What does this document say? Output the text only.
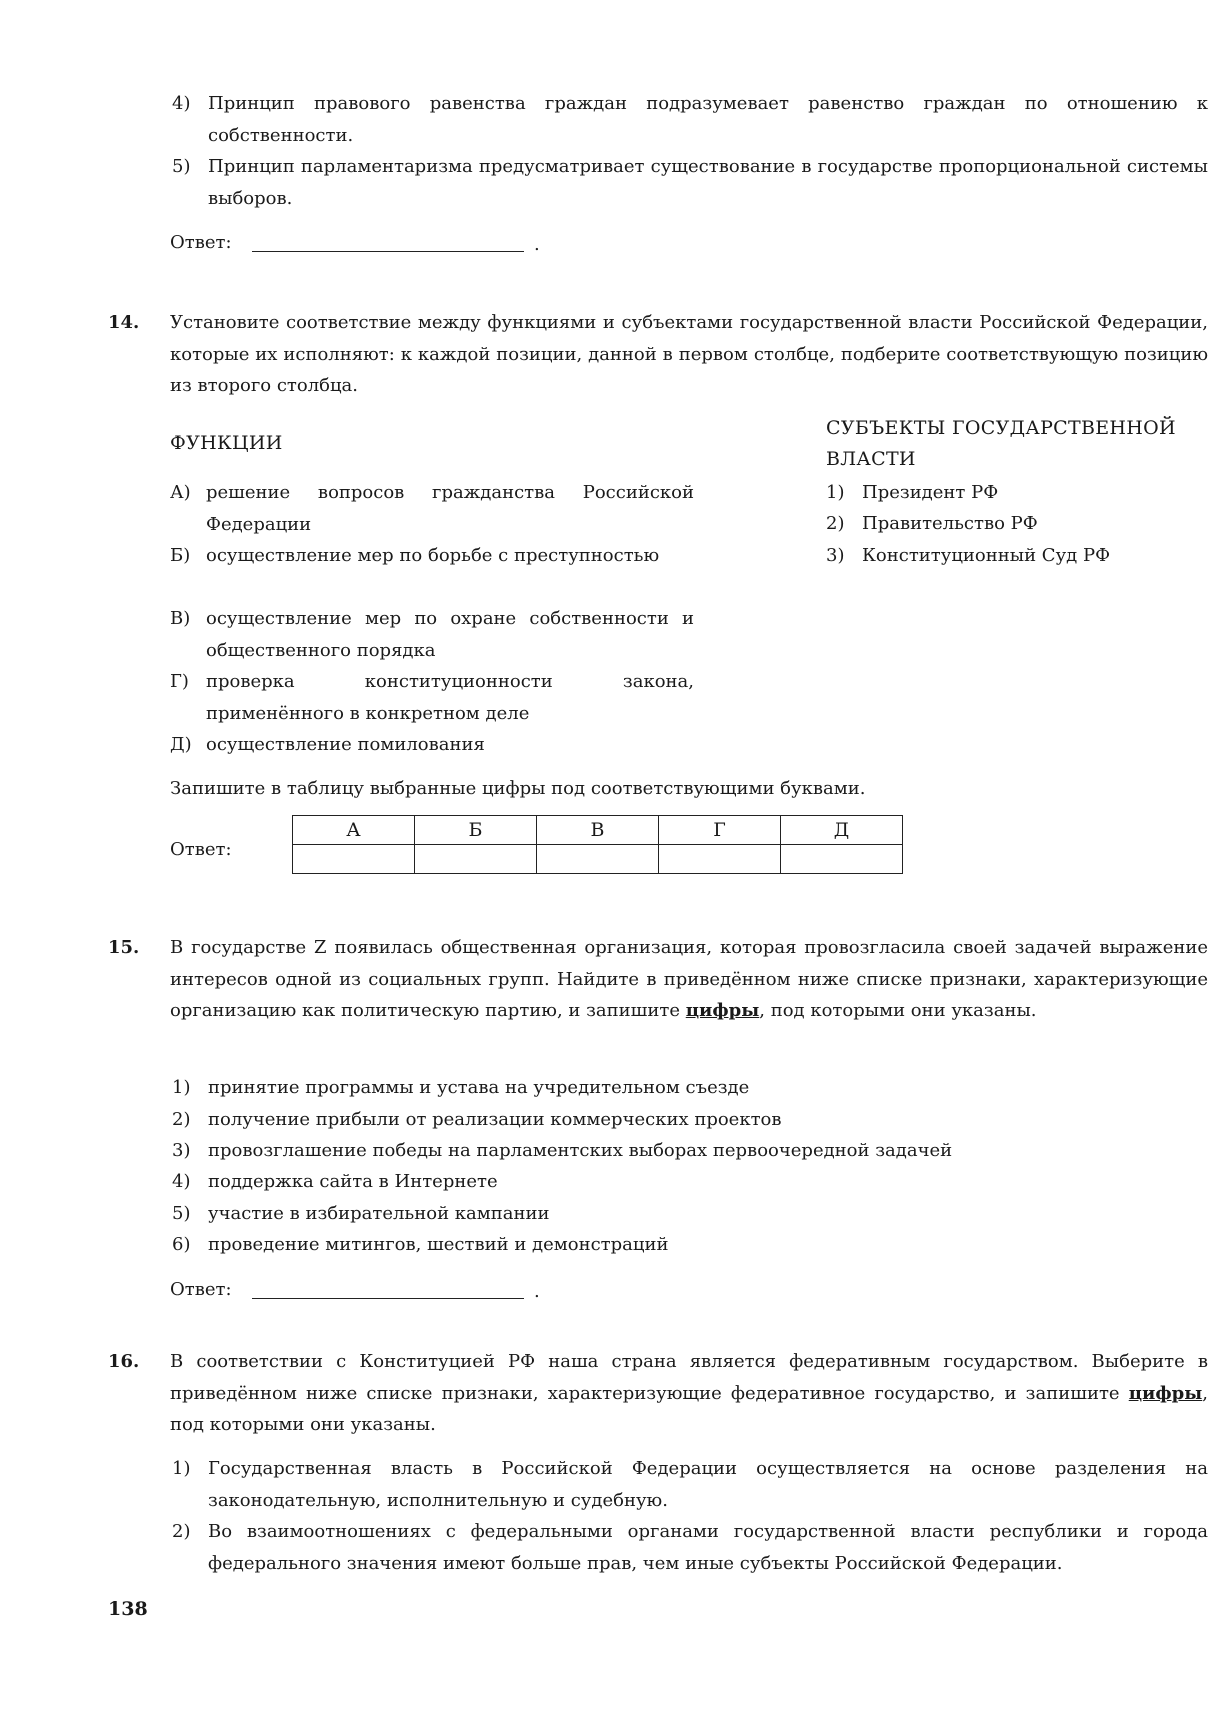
4) Принцип правового равенства граждан подразумевает равенство граждан по отношению к собственности.
5) Принцип парламентаризма предусматривает существование в государстве пропорциональной системы выборов.
Ответ:	.
14. Установите соответствие между функциями и субъектами государственной власти Российской Федерации, которые их исполняют: к каждой позиции, данной в первом столбце, подберите соответствующую позицию из второго столбца.
ФУНКЦИИ
СУБЪЕКТЫ ГОСУДАРСТВЕННОЙ ВЛАСТИ
А) решение вопросов гражданства Российской Федерации
Б) осуществление мер по борьбе с преступностью
В) осуществление мер по охране собственности и общественного порядка
Г) проверка конституционности закона, применённого в конкретном деле
Д) осуществление помилования
1) Президент РФ
2) Правительство РФ
3) Конституционный Суд РФ
Запишите в таблицу выбранные цифры под соответствующими буквами.
Ответ:
А	Б	В	Г	Д

15. В государстве Z появилась общественная организация, которая провозгласила своей задачей выражение интересов одной из социальных групп. Найдите в приведённом ниже списке признаки, характеризующие организацию как политическую партию, и запишите цифры, под которыми они указаны.
1) принятие программы и устава на учредительном съезде
2) получение прибыли от реализации коммерческих проектов
3) провозглашение победы на парламентских выборах первоочередной задачей
4) поддержка сайта в Интернете
5) участие в избирательной кампании
6) проведение митингов, шествий и демонстраций
Ответ:	.
16. В соответствии с Конституцией РФ наша страна является федеративным государством. Выберите в приведённом ниже списке признаки, характеризующие федеративное государство, и запишите цифры, под которыми они указаны.
1) Государственная власть в Российской Федерации осуществляется на основе разделения на законодательную, исполнительную и судебную.
2) Во взаимоотношениях с федеральными органами государственной власти республики и города федерального значения имеют больше прав, чем иные субъекты Российской Федерации.
138
